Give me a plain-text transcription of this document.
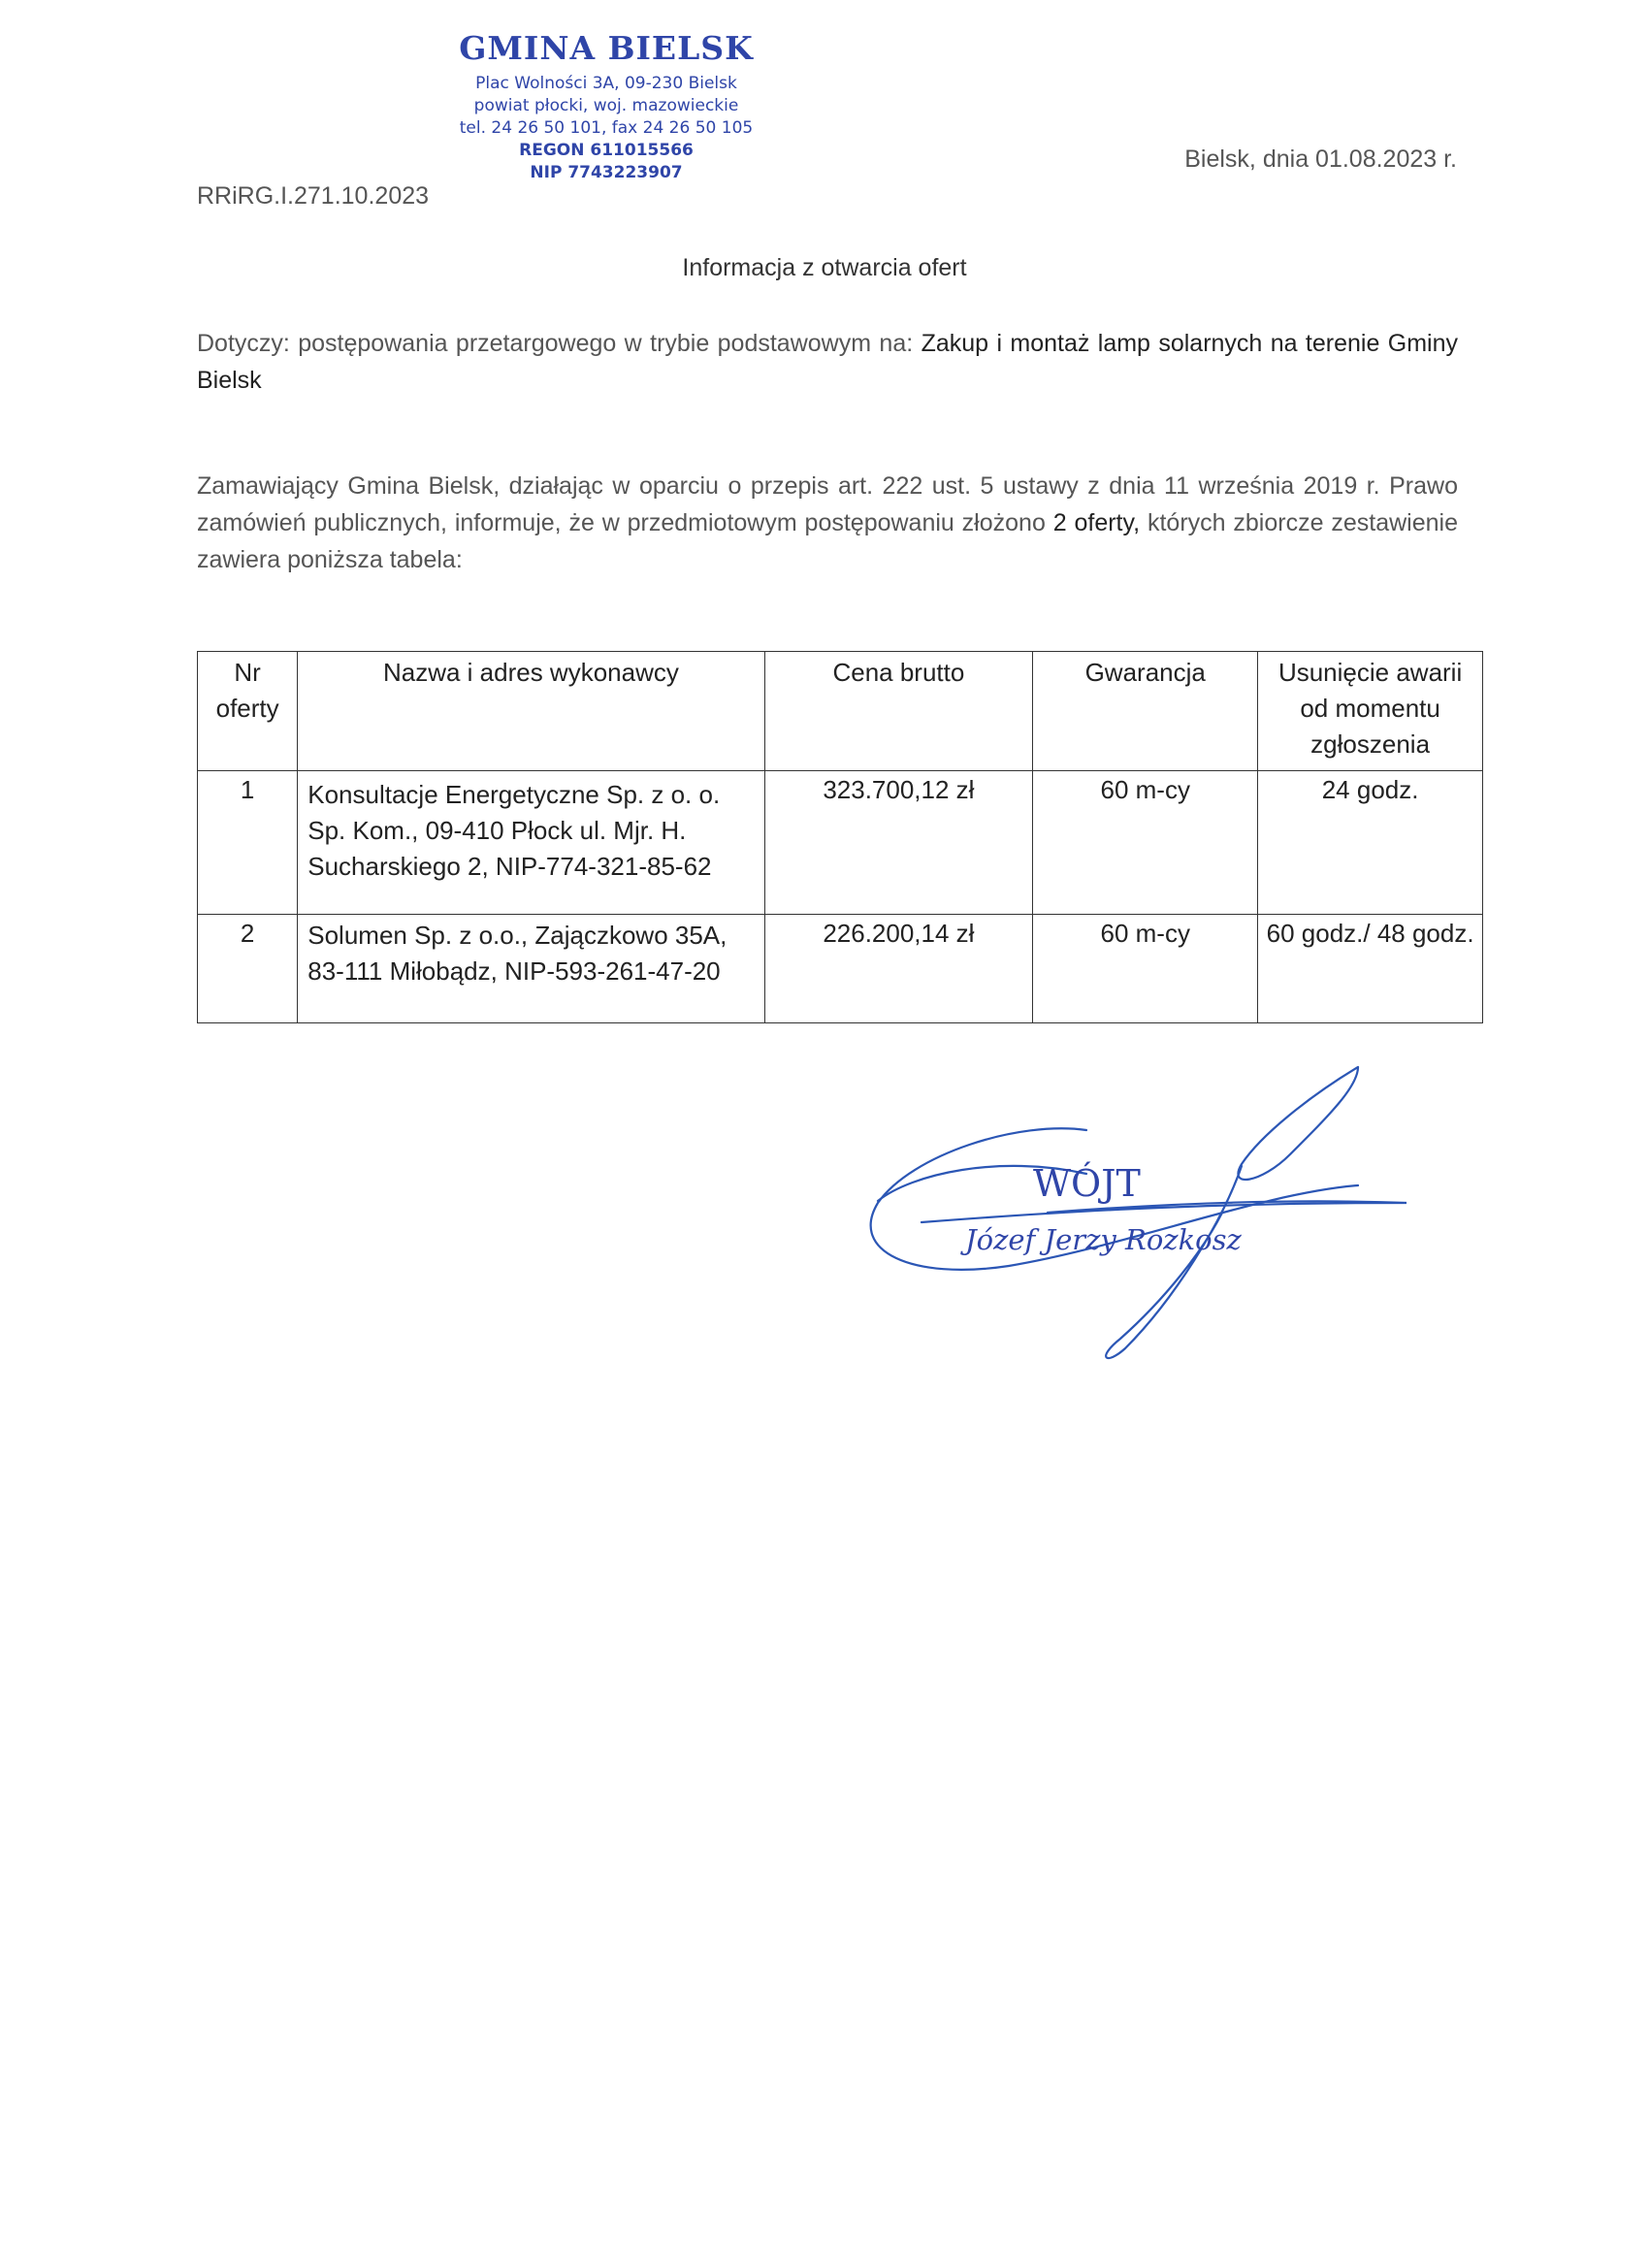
GMINA BIELSK
Plac Wolności 3A, 09-230 Bielsk
powiat płocki, woj. mazowieckie
tel. 24 26 50 101, fax 24 26 50 105
REGON 611015566
NIP 7743223907
RRiRG.I.271.10.2023
Bielsk, dnia 01.08.2023 r.
Informacja z otwarcia ofert
Dotyczy: postępowania przetargowego w trybie podstawowym na: Zakup i montaż lamp solarnych na terenie Gminy Bielsk
Zamawiający Gmina Bielsk, działając w oparciu o przepis art. 222 ust. 5 ustawy z dnia 11 września 2019 r. Prawo zamówień publicznych, informuje, że w przedmiotowym postępowaniu złożono 2 oferty, których zbiorcze zestawienie zawiera poniższa tabela:
Nr oferty	Nazwa i adres wykonawcy	Cena brutto	Gwarancja	Usunięcie awarii od momentu zgłoszenia
1	Konsultacje Energetyczne Sp. z o. o. Sp. Kom., 09-410 Płock ul. Mjr. H. Sucharskiego 2, NIP-774-321-85-62	323.700,12 zł	60 m-cy	24 godz.
2	Solumen Sp. z o.o., Zajączkowo 35A, 83-111 Miłobądz, NIP-593-261-47-20	226.200,14 zł	60 m-cy	60 godz./ 48 godz.
WÓJT
Józef Jerzy Rozkosz
